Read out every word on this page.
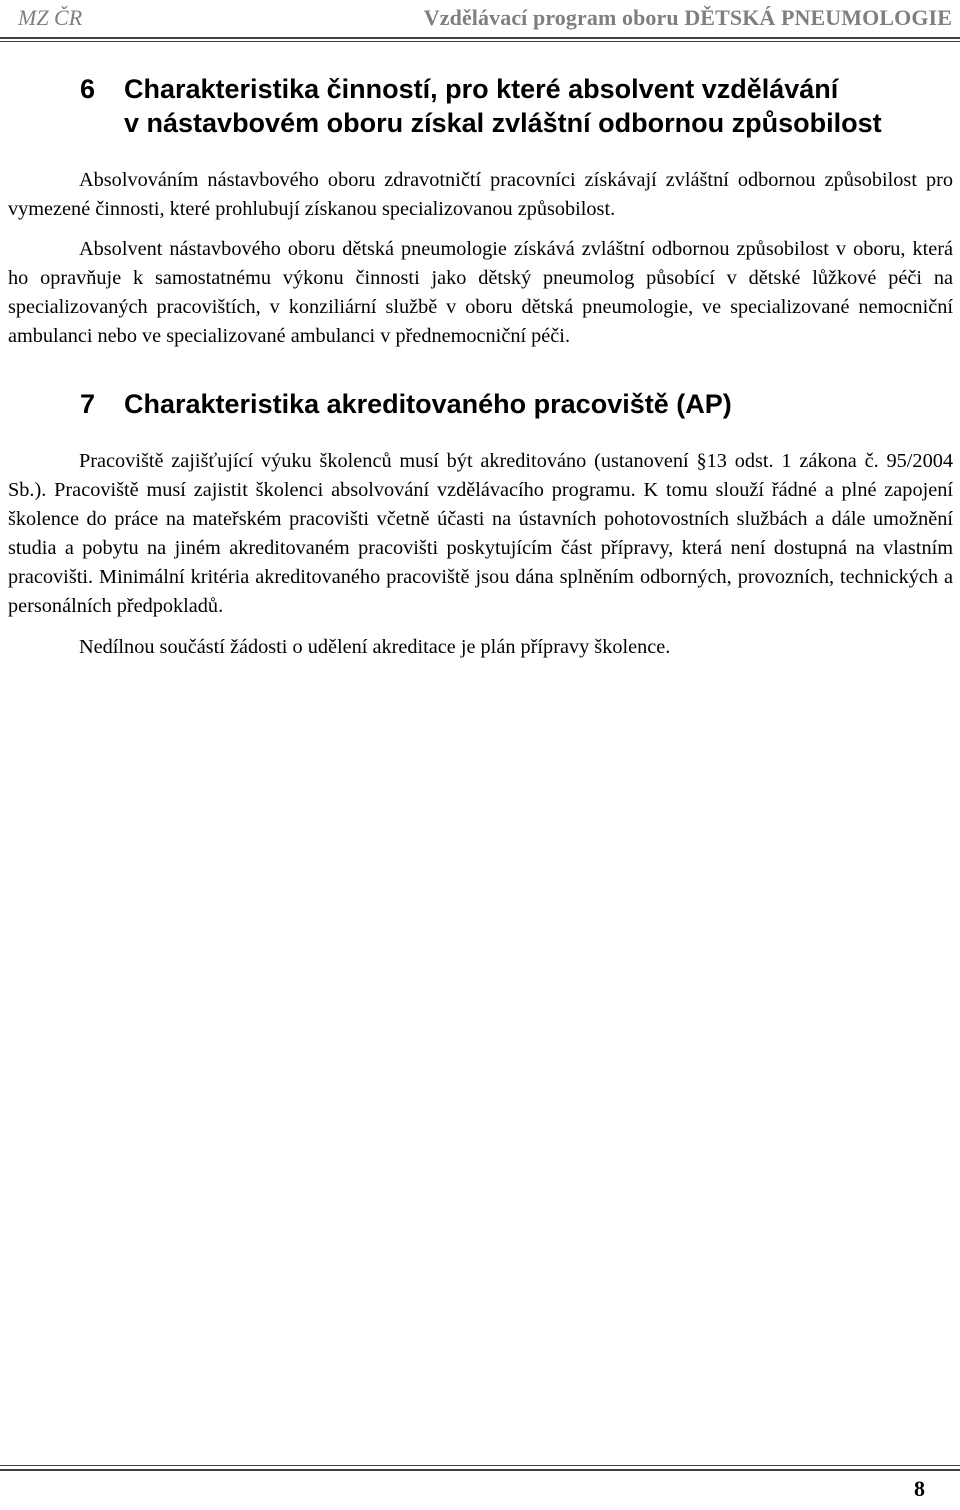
MZ ČR	Vzdělávací program oboru DĚTSKÁ PNEUMOLOGIE
6 Charakteristika činností, pro které absolvent vzdělávání
v nástavbovém oboru získal zvláštní odbornou způsobilost

Absolvováním nástavbového oboru zdravotničtí pracovníci získávají zvláštní odbornou způsobilost pro vymezené činnosti, které prohlubují získanou specializovanou způsobilost.

Absolvent nástavbového oboru dětská pneumologie získává zvláštní odbornou způsobilost v oboru, která ho opravňuje k samostatnému výkonu činnosti jako dětský pneumolog působící v dětské lůžkové péči na specializovaných pracovištích, v konziliární službě v oboru dětská pneumologie, ve specializované nemocniční ambulanci nebo ve specializované ambulanci v přednemocniční péči.

7 Charakteristika akreditovaného pracoviště (AP)

Pracoviště zajišťující výuku školenců musí být akreditováno (ustanovení §13 odst. 1 zákona č. 95/2004 Sb.). Pracoviště musí zajistit školenci absolvování vzdělávacího programu. K tomu slouží řádné a plné zapojení školence do práce na mateřském pracovišti včetně účasti na ústavních pohotovostních službách a dále umožnění studia a pobytu na jiném akreditovaném pracovišti poskytujícím část přípravy, která není dostupná na vlastním pracovišti. Minimální kritéria akreditovaného pracoviště jsou dána splněním odborných, provozních, technických a personálních předpokladů.

Nedílnou součástí žádosti o udělení akreditace je plán přípravy školence.

8
